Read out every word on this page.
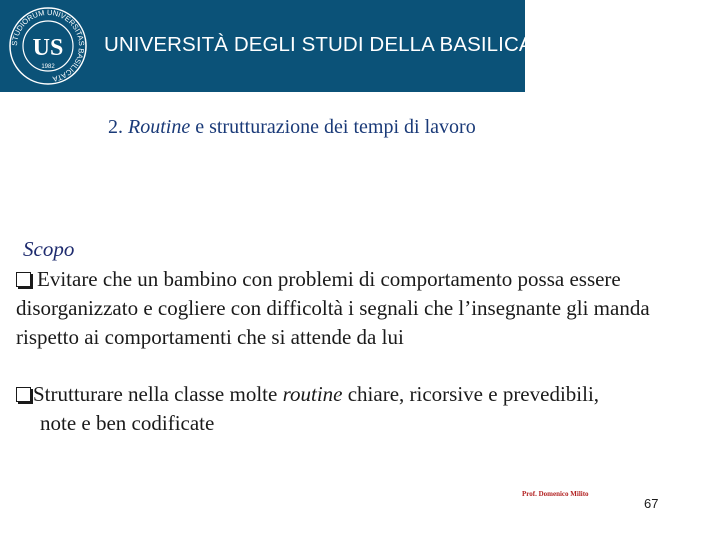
STUDIORUM UNIVERSITAS BASILICATA
US
1982
UNIVERSITÀ DEGLI STUDI DELLA BASILICATA
2. Routine e strutturazione dei tempi di lavoro
Scopo
Evitare che un bambino con problemi di comportamento possa essere disorganizzato e cogliere con difficoltà i segnali che l’insegnante gli manda rispetto ai comportamenti che si attende da lui
Strutturare nella classe molte routine chiare, ricorsive e prevedibili,
note e ben codificate
Prof. Domenico Milito
67
